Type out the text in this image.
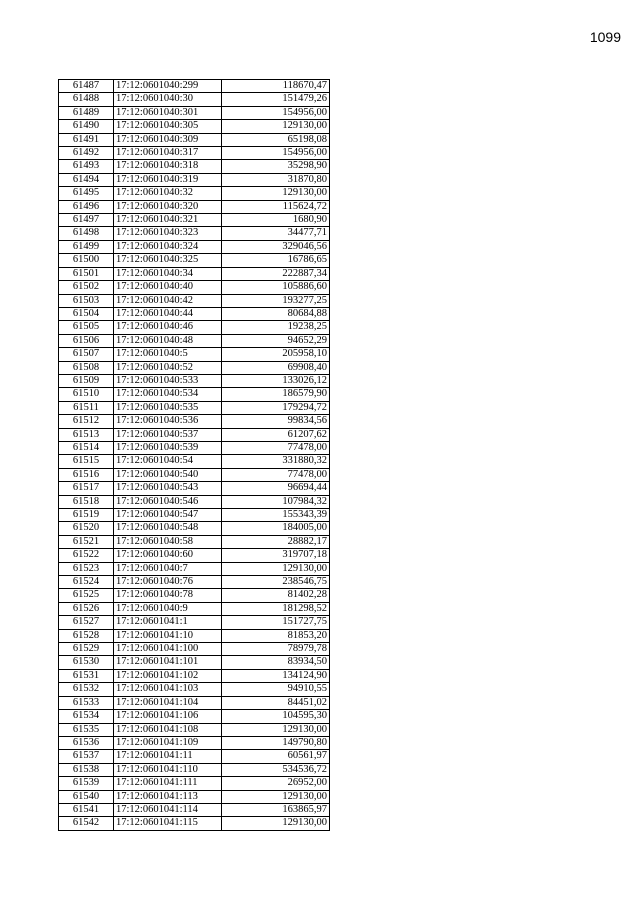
1099
61487	17:12:0601040:299	118670,47
61488	17:12:0601040:30	151479,26
61489	17:12:0601040:301	154956,00
61490	17:12:0601040:305	129130,00
61491	17:12:0601040:309	65198,08
61492	17:12:0601040:317	154956,00
61493	17:12:0601040:318	35298,90
61494	17:12:0601040:319	31870,80
61495	17:12:0601040:32	129130,00
61496	17:12:0601040:320	115624,72
61497	17:12:0601040:321	1680,90
61498	17:12:0601040:323	34477,71
61499	17:12:0601040:324	329046,56
61500	17:12:0601040:325	16786,65
61501	17:12:0601040:34	222887,34
61502	17:12:0601040:40	105886,60
61503	17:12:0601040:42	193277,25
61504	17:12:0601040:44	80684,88
61505	17:12:0601040:46	19238,25
61506	17:12:0601040:48	94652,29
61507	17:12:0601040:5	205958,10
61508	17:12:0601040:52	69908,40
61509	17:12:0601040:533	133026,12
61510	17:12:0601040:534	186579,90
61511	17:12:0601040:535	179294,72
61512	17:12:0601040:536	99834,56
61513	17:12:0601040:537	61207,62
61514	17:12:0601040:539	77478,00
61515	17:12:0601040:54	331880,32
61516	17:12:0601040:540	77478,00
61517	17:12:0601040:543	96694,44
61518	17:12:0601040:546	107984,32
61519	17:12:0601040:547	155343,39
61520	17:12:0601040:548	184005,00
61521	17:12:0601040:58	28882,17
61522	17:12:0601040:60	319707,18
61523	17:12:0601040:7	129130,00
61524	17:12:0601040:76	238546,75
61525	17:12:0601040:78	81402,28
61526	17:12:0601040:9	181298,52
61527	17:12:0601041:1	151727,75
61528	17:12:0601041:10	81853,20
61529	17:12:0601041:100	78979,78
61530	17:12:0601041:101	83934,50
61531	17:12:0601041:102	134124,90
61532	17:12:0601041:103	94910,55
61533	17:12:0601041:104	84451,02
61534	17:12:0601041:106	104595,30
61535	17:12:0601041:108	129130,00
61536	17:12:0601041:109	149790,80
61537	17:12:0601041:11	60561,97
61538	17:12:0601041:110	534536,72
61539	17:12:0601041:111	26952,00
61540	17:12:0601041:113	129130,00
61541	17:12:0601041:114	163865,97
61542	17:12:0601041:115	129130,00
